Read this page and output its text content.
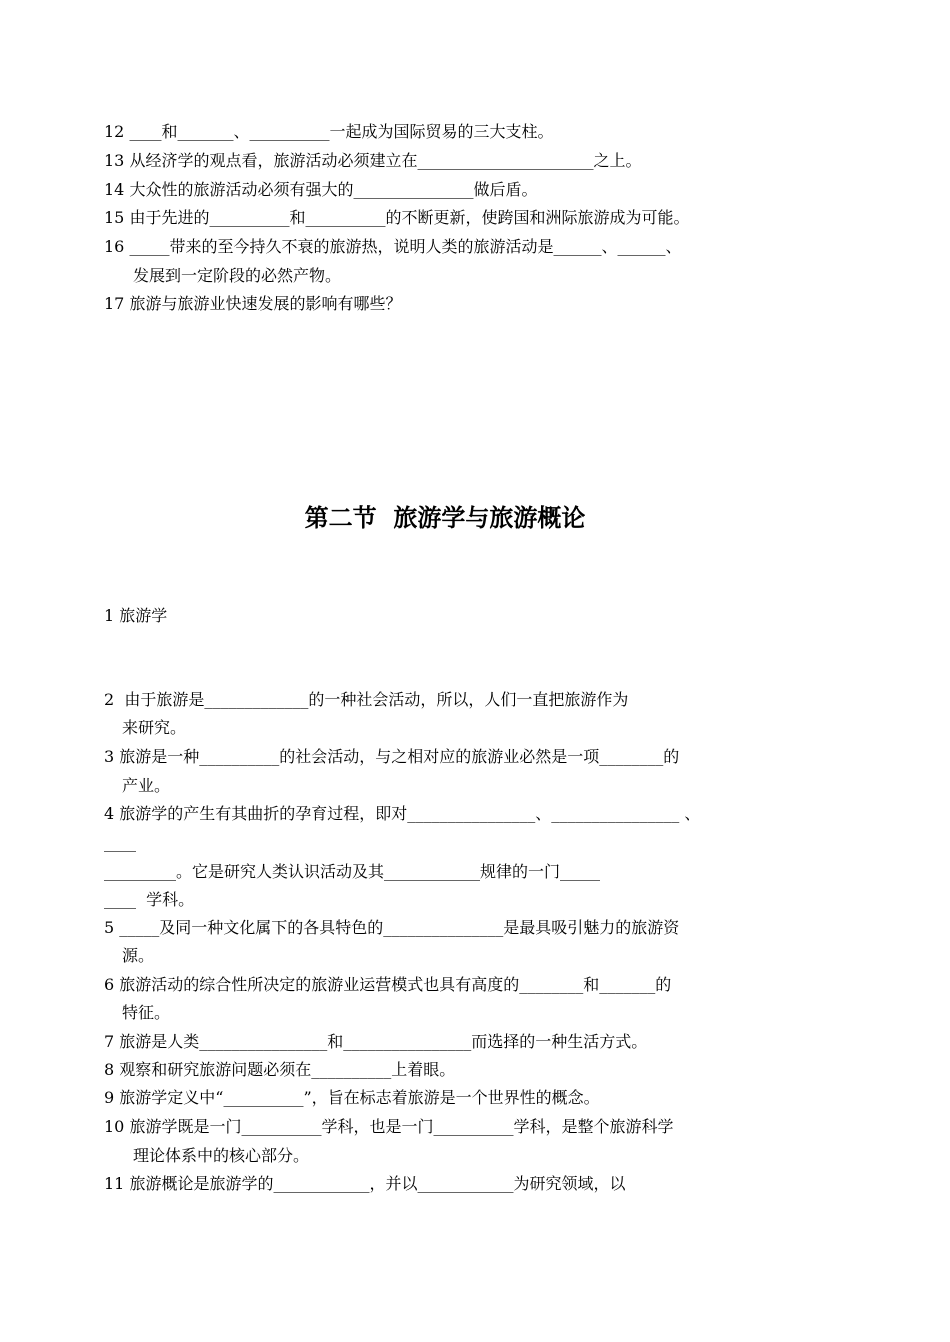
12 ____和_______、__________一起成为国际贸易的三大支柱。
13 从经济学的观点看，旅游活动必须建立在______________________之上。
14 大众性的旅游活动必须有强大的_______________做后盾。
15 由于先进的__________和__________的不断更新，使跨国和洲际旅游成为可能。
16 _____带来的至今持久不衰的旅游热，说明人类的旅游活动是______、______、
发展到一定阶段的必然产物。
17 旅游与旅游业快速发展的影响有哪些？
第二节  旅游学与旅游概论
1 旅游学
2  由于旅游是_____________的一种社会活动，所以，人们一直把旅游作为
来研究。
3 旅游是一种__________的社会活动，与之相对应的旅游业必然是一项________的
产业。
4 旅游学的产生有其曲折的孕育过程，即对________________、________________ 、
____
_________。它是研究人类认识活动及其____________规律的一门_____
____  学科。
5 _____及同一种文化属下的各具特色的_______________是最具吸引魅力的旅游资
源。
6 旅游活动的综合性所决定的旅游业运营模式也具有高度的________和_______的
特征。
7 旅游是人类________________和________________而选择的一种生活方式。
8 观察和研究旅游问题必须在__________上着眼。
9 旅游学定义中“__________”，旨在标志着旅游是一个世界性的概念。
10 旅游学既是一门__________学科，也是一门__________学科，是整个旅游科学
理论体系中的核心部分。
11 旅游概论是旅游学的____________，并以____________为研究领域，以
